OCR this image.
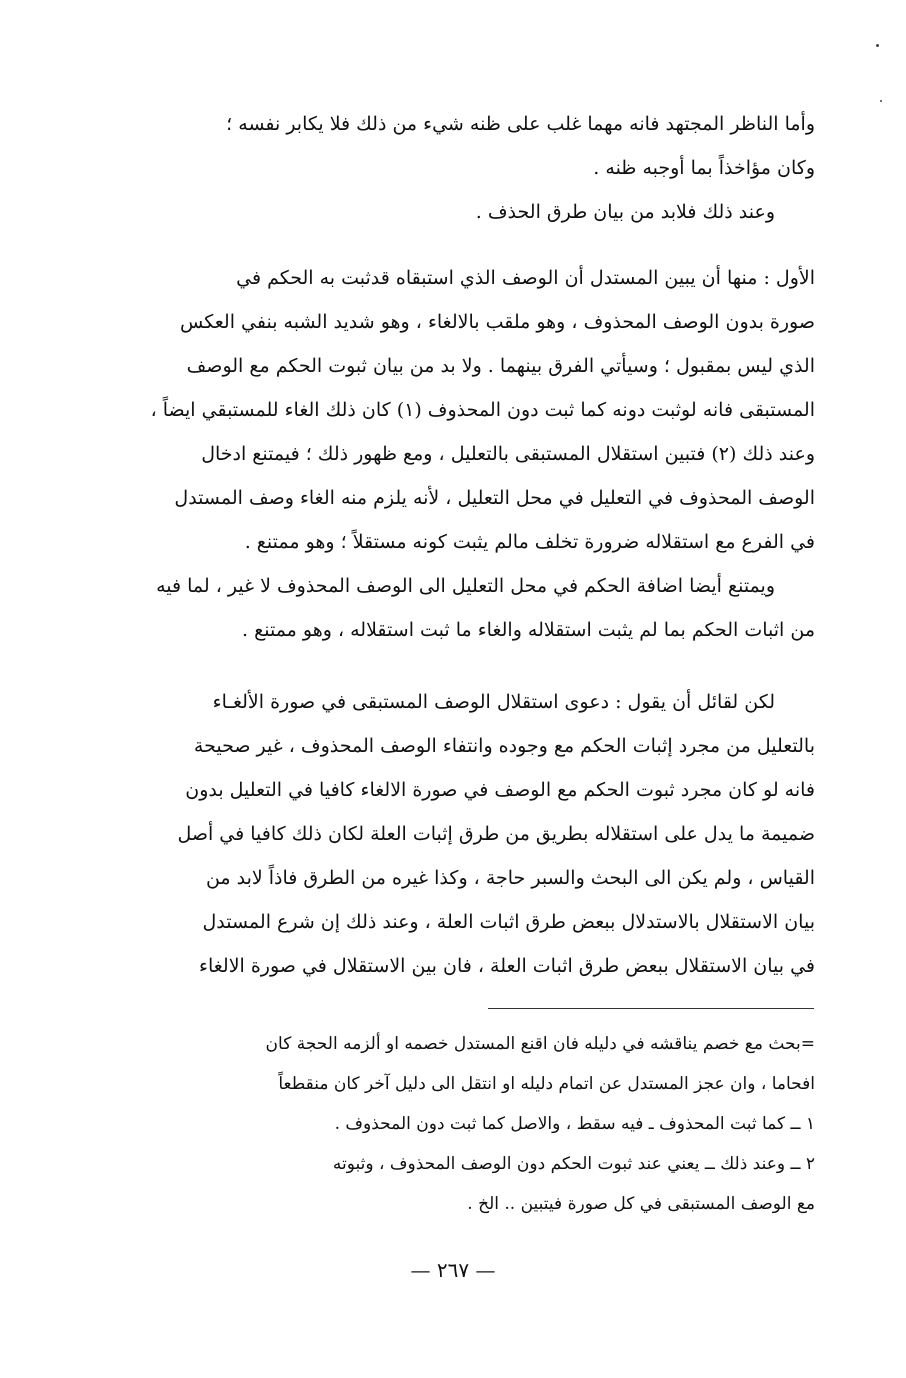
وأما الناظر المجتهد فانه مهما غلب على ظنه شيء من ذلك فلا يكابر نفسه ؛
وكان مؤاخذاً بما أوجبه ظنه .
وعند ذلك فلابد من بيان طرق الحذف .
الأول : منها أن يبين المستدل أن الوصف الذي استبقاه قدثبت به الحكم في
صورة بدون الوصف المحذوف ، وهو ملقب بالالغاء ، وهو شديد الشبه بنفي العكس
الذي ليس بمقبول ؛ وسيأتي الفرق بينهما . ولا بد من بيان ثبوت الحكم مع الوصف
المستبقى فانه لوثبت دونه كما ثبت دون المحذوف (١) كان ذلك الغاء للمستبقي ايضاً ،
وعند ذلك (٢) فتبين استقلال المستبقى بالتعليل ، ومع ظهور ذلك ؛ فيمتنع ادخال
الوصف المحذوف في التعليل في محل التعليل ، لأنه يلزم منه الغاء وصف المستدل
في الفرع مع استقلاله ضرورة تخلف مالم يثبت كونه مستقلاً ؛ وهو ممتنع .
ويمتنع أيضا اضافة الحكم في محل التعليل الى الوصف المحذوف لا غير ، لما فيه
من اثبات الحكم بما لم يثبت استقلاله والغاء ما ثبت استقلاله ، وهو ممتنع .
لكن لقائل أن يقول : دعوى استقلال الوصف المستبقى في صورة الألغـاء
بالتعليل من مجرد إثبات الحكم مع وجوده وانتفاء الوصف المحذوف ، غير صحيحة
فانه لو كان مجرد ثبوت الحكم مع الوصف في صورة الالغاء كافيا في التعليل بدون
ضميمة ما يدل على استقلاله بطريق من طرق إثبات العلة لكان ذلك كافيا في أصل
القياس ، ولم يكن الى البحث والسبر حاجة ، وكذا غيره من الطرق فاذاً لابد من
بيان الاستقلال بالاستدلال ببعض طرق اثبات العلة ، وعند ذلك إن شرع المستدل
في بيان الاستقلال ببعض طرق اثبات العلة ، فان بين الاستقلال في صورة الالغاء
=بحث مع خصم يناقشه في دليله فان اقنع المستدل خصمه او ألزمه الحجة كان
افحاما ، وان عجز المستدل عن اتمام دليله او انتقل الى دليل آخر كان منقطعاً
١ ــ كما ثبت المحذوف ـ فيه سقط ، والاصل كما ثبت دون المحذوف .
٢ ــ وعند ذلك ــ يعني عند ثبوت الحكم دون الوصف المحذوف ، وثبوته
مع الوصف المستبقى في كل صورة فيتبين .. الخ .
— ٢٦٧ —
